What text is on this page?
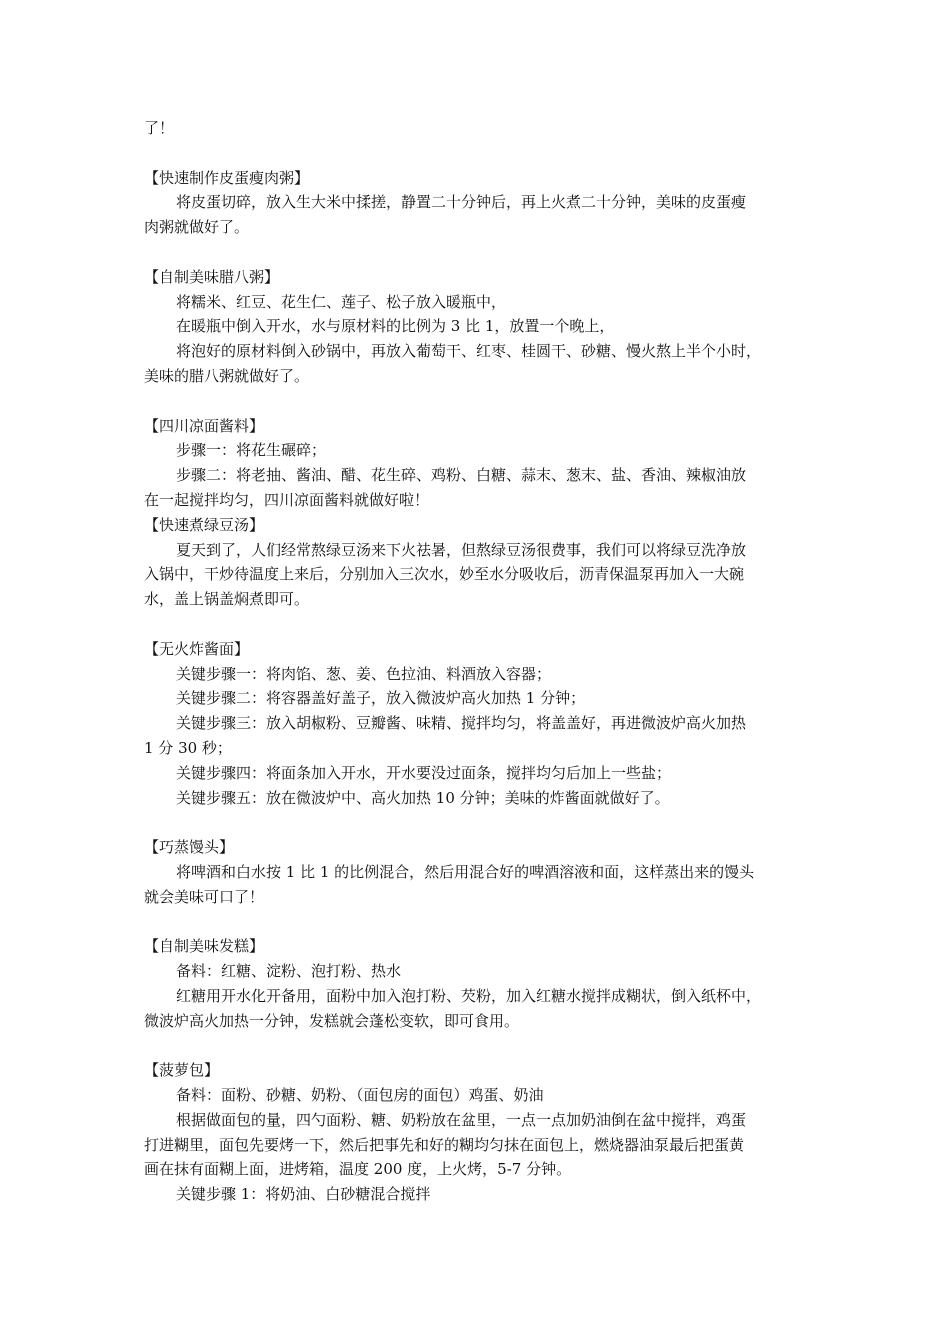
了！
【快速制作皮蛋瘦肉粥】
将皮蛋切碎，放入生大米中揉搓，静置二十分钟后，再上火煮二十分钟，美味的皮蛋瘦
肉粥就做好了。
【自制美味腊八粥】
将糯米、红豆、花生仁、莲子、松子放入暖瓶中，
在暖瓶中倒入开水，水与原材料的比例为 3 比 1，放置一个晚上，
将泡好的原材料倒入砂锅中，再放入葡萄干、红枣、桂圆干、砂糖、慢火熬上半个小时，
美味的腊八粥就做好了。
【四川凉面酱料】
步骤一：将花生碾碎；
步骤二：将老抽、酱油、醋、花生碎、鸡粉、白糖、蒜末、葱末、盐、香油、辣椒油放
在一起搅拌均匀，四川凉面酱料就做好啦！
【快速煮绿豆汤】
夏天到了，人们经常熬绿豆汤来下火祛暑，但熬绿豆汤很费事，我们可以将绿豆洗净放
入锅中，干炒待温度上来后，分别加入三次水，妙至水分吸收后，沥青保温泵再加入一大碗
水，盖上锅盖焖煮即可。
【无火炸酱面】
关键步骤一：将肉馅、葱、姜、色拉油、料酒放入容器；
关键步骤二：将容器盖好盖子，放入微波炉高火加热 1 分钟；
关键步骤三：放入胡椒粉、豆瓣酱、味精、搅拌均匀，将盖盖好，再进微波炉高火加热
1 分 30 秒；
关键步骤四：将面条加入开水，开水要没过面条，搅拌均匀后加上一些盐；
关键步骤五：放在微波炉中、高火加热 10 分钟；美味的炸酱面就做好了。
【巧蒸馒头】
将啤酒和白水按 1 比 1 的比例混合，然后用混合好的啤酒溶液和面，这样蒸出来的馒头
就会美味可口了！
【自制美味发糕】
备料：红糖、淀粉、泡打粉、热水
红糖用开水化开备用，面粉中加入泡打粉、芡粉，加入红糖水搅拌成糊状，倒入纸杯中，
微波炉高火加热一分钟，发糕就会蓬松变软，即可食用。
【菠萝包】
备料：面粉、砂糖、奶粉、（面包房的面包）鸡蛋、奶油
根据做面包的量，四勺面粉、糖、奶粉放在盆里，一点一点加奶油倒在盆中搅拌，鸡蛋
打进糊里，面包先要烤一下，然后把事先和好的糊均匀抹在面包上，燃烧器油泵最后把蛋黄
画在抹有面糊上面，进烤箱，温度 200 度，上火烤，5-7 分钟。
关键步骤 1：将奶油、白砂糖混合搅拌
